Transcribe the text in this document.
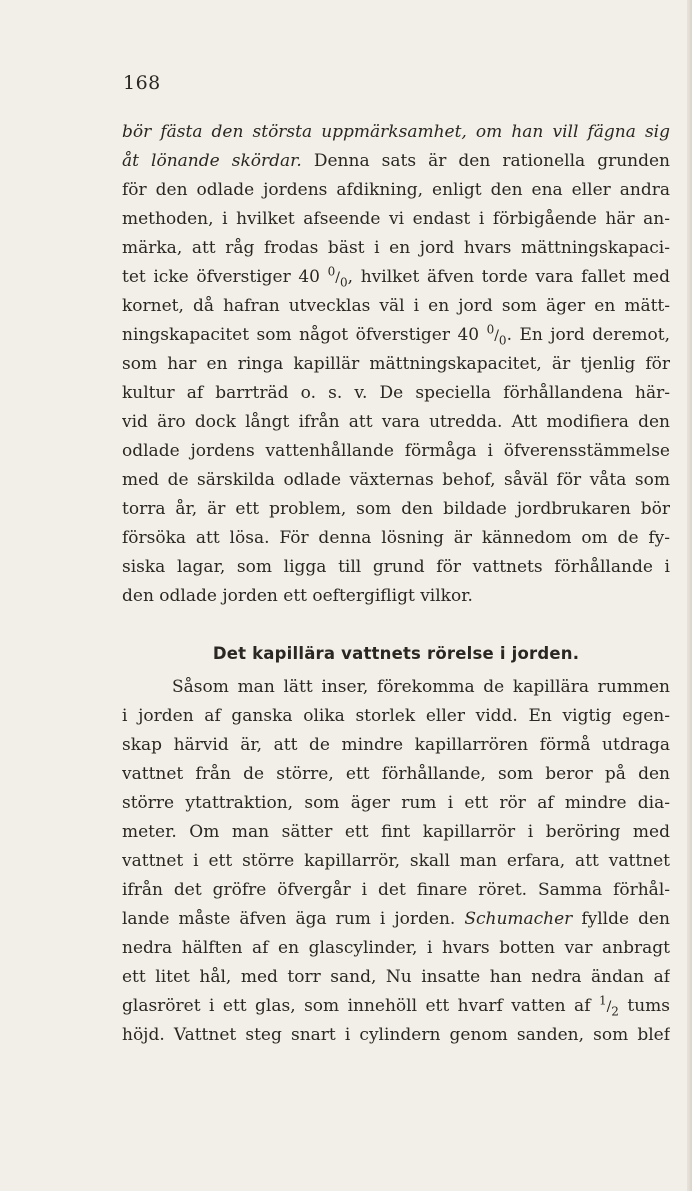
168
bör fästa den största uppmärksamhet, om han vill fägna sig
åt lönande skördar. Denna sats är den rationella grunden
för den odlade jordens afdikning, enligt den ena eller andra
methoden, i hvilket afseende vi endast i förbigående här an-
märka, att råg frodas bäst i en jord hvars mättningskapaci-
tet icke öfverstiger 40 $^0/_0$, hvilket äfven torde vara fallet med
kornet, då hafran utvecklas väl i en jord som äger en mätt-
ningskapacitet som något öfverstiger 40 $^0/_0$. En jord deremot,
som har en ringa kapillär mättningskapacitet, är tjenlig för
kultur af barrträd o. s. v. De speciella förhållandena här-
vid äro dock långt ifrån att vara utredda. Att modifiera den
odlade jordens vattenhållande förmåga i öfverensstämmelse
med de särskilda odlade växternas behof, såväl för våta som
torra år, är ett problem, som den bildade jordbrukaren bör
försöka att lösa. För denna lösning är kännedom om de fy-
siska lagar, som ligga till grund för vattnets förhållande i
den odlade jorden ett oeftergifligt vilkor.
Det kapillära vattnets rörelse i jorden.
Såsom man lätt inser, förekomma de kapillära rummen
i jorden af ganska olika storlek eller vidd. En vigtig egen-
skap härvid är, att de mindre kapillarrören förmå utdraga
vattnet från de större, ett förhållande, som beror på den
större ytattraktion, som äger rum i ett rör af mindre dia-
meter. Om man sätter ett fint kapillarrör i beröring med
vattnet i ett större kapillarrör, skall man erfara, att vattnet
ifrån det gröfre öfvergår i det finare röret. Samma förhål-
lande måste äfven äga rum i jorden. Schumacher fyllde den
nedra hälften af en glascylinder, i hvars botten var anbragt
ett litet hål, med torr sand, Nu insatte han nedra ändan af
glasröret i ett glas, som innehöll ett hvarf vatten af $^1/_2$ tums
höjd. Vattnet steg snart i cylindern genom sanden, som blef
